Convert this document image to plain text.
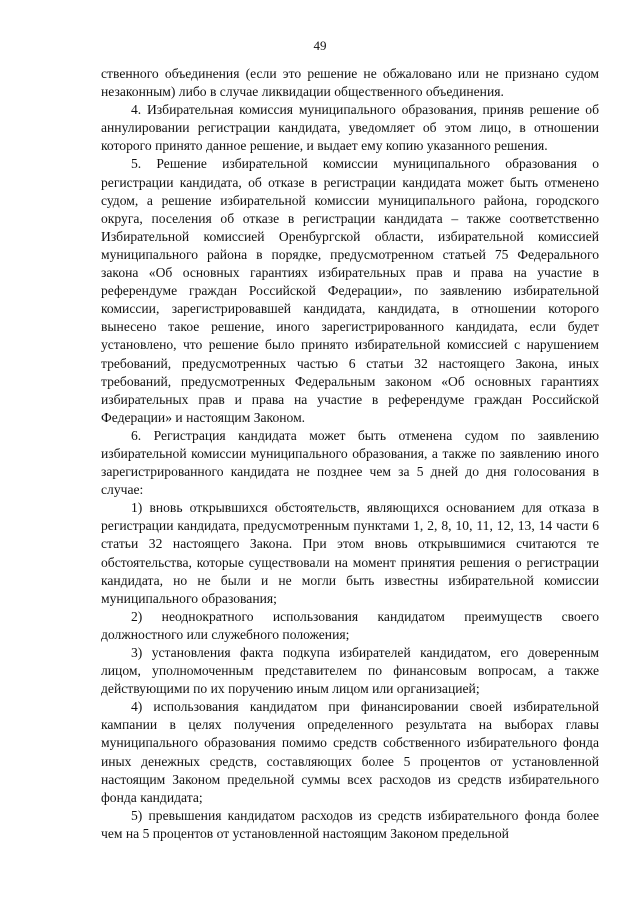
49

ственного объединения (если это решение не обжаловано или не признано судом незаконным) либо в случае ликвидации общественного объединения.

4. Избирательная комиссия муниципального образования, приняв решение об аннулировании регистрации кандидата, уведомляет об этом лицо, в отношении которого принято данное решение, и выдает ему копию указанного решения.

5. Решение избирательной комиссии муниципального образования о регистрации кандидата, об отказе в регистрации кандидата может быть отменено судом, а решение избирательной комиссии муниципального района, городского округа, поселения об отказе в регистрации кандидата – также соответственно Избирательной комиссией Оренбургской области, избирательной комиссией муниципального района в порядке, предусмотренном статьей 75 Федерального закона «Об основных гарантиях избирательных прав и права на участие в референдуме граждан Российской Федерации», по заявлению избирательной комиссии, зарегистрировавшей кандидата, кандидата, в отношении которого вынесено такое решение, иного зарегистрированного кандидата, если будет установлено, что решение было принято избирательной комиссией с нарушением требований, предусмотренных частью 6 статьи 32 настоящего Закона, иных требований, предусмотренных Федеральным законом «Об основных гарантиях избирательных прав и права на участие в референдуме граждан Российской Федерации» и настоящим Законом.

6. Регистрация кандидата может быть отменена судом по заявлению избирательной комиссии муниципального образования, а также по заявлению иного зарегистрированного кандидата не позднее чем за 5 дней до дня голосования в случае:

1) вновь открывшихся обстоятельств, являющихся основанием для отказа в регистрации кандидата, предусмотренным пунктами 1, 2, 8, 10, 11, 12, 13, 14 части 6 статьи 32 настоящего Закона. При этом вновь открывшимися считаются те обстоятельства, которые существовали на момент принятия решения о регистрации кандидата, но не были и не могли быть известны избирательной комиссии муниципального образования;

2) неоднократного использования кандидатом преимуществ своего должностного или служебного положения;

3) установления факта подкупа избирателей кандидатом, его доверенным лицом, уполномоченным представителем по финансовым вопросам, а также действующими по их поручению иным лицом или организацией;

4) использования кандидатом при финансировании своей избирательной кампании в целях получения определенного результата на выборах главы муниципального образования помимо средств собственного избирательного фонда иных денежных средств, составляющих более 5 процентов от установленной настоящим Законом предельной суммы всех расходов из средств избирательного фонда кандидата;

5) превышения кандидатом расходов из средств избирательного фонда более чем на 5 процентов от установленной настоящим Законом предельной
